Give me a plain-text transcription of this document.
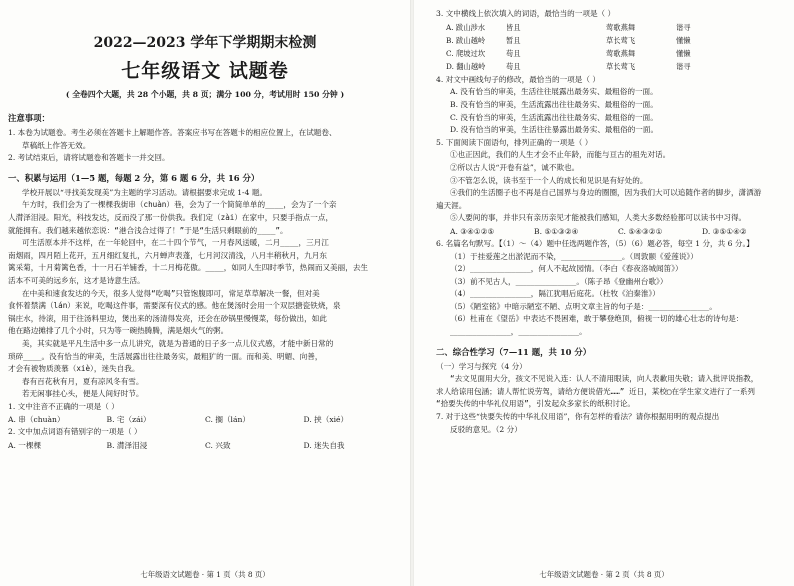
2022—2023 学年下学期期末检测
七年级语文 试题卷
( 全卷四个大题，共 28 个小题，共 8 页；满分 100 分，考试用时 150 分钟 )
注意事项：
1. 本卷为试题卷。考生必须在答题卡上解题作答。答案应书写在答题卡的相应位置上，在试题卷、
草稿纸上作答无效。
2. 考试结束后，请将试题卷和答题卡一并交回。
一、积累与运用（1—5 题，每题 2 分，第 6 题 6 分，共 16 分）
学校开展以“寻找美发现美”为主题的学习活动。请根据要求完成 1-4 题。
午方时，我们会为了一棵棵我街串（chuàn）巷，会为了一个简简单单的____，会为了一个亲
人潸泽泪浸。阳光，科技发达，反而没了那一份供我。我们定（zài）在家中，只要手指点一点，
就能拥有。我们越来越依恋说：“港合浅合过得了！”于是“生活只剩眼前的____”。
可生活原本并不这样，在一年轮回中，在二十四个节气，一月春风送暖，二月____，三月江
南烟雨，四月陌上花开，五月细红复扎，六月蝉声表蓬，七月河汉清浅，八月丰稍秋月，九月东
篱采菊，十月菊篱色香，十一月石羊铺香，十二月梅花傲。____，如同人生四时季节，热闹而又美丽，去生
活本不可美的远乡东，这才是诗意生活。
在中美和速食发达的今天，很多人觉得“吃喝”只管饱腹即可，常足草草解决一餐，但对美
食怀着禁满（lán）来说，吃喝这件事，需要深有仪式的感。他在煲汤时会用一个双层搪瓷铁烧，泉
锅庄水，待滚，用于往汤料里边，煲出来的汤清得发亮，还会在砂锅里慢慢菜，每份做出，如此
他在路边摊排了几个小时，只为等一碗热腾腾，满是烟火气的粥。
美，其实就是平凡生活中多一点儿讲究，就是为普通的日子多一点儿仪式感，才能中新日常的
琐碎____。没有恰当的审美，生活展露出往往最务实，最粗犷的一面。而和美、明媚、向善，
才会有被物质羡慕（xiè），迷失自我。
春有百花秋有月，夏有凉风冬有雪。
若无闲事挂心头，便是人间好时节。
1. 文中注音不正确的一项是（ ）
A. 串（chuàn）	B. 宅（zái）	C. 搁（lán）	D. 挟（xié）
2. 文中加点词语有错别字的一项是（ ）
A. 一棵棵	B. 潸泽泪浸	C. 兴致	D. 迷失自我
七年级语文试题卷 · 第 1 页（共 8 页）
3. 文中横线上依次填入的词语，最恰当的一项是（ ）
A. 跋山涉水	皆且	莺歌燕舞	谐寻
B. 跋山越岭	暂且	草长莺飞	懂懒
C. 爬坡过坎	苟且	莺歌燕舞	懂懒
D. 翻山越岭	苟且	草长莺飞	谐寻
4. 对文中画线句子的修改，最恰当的一项是（ ）
A. 没有恰当的审美，生活往往展露出最务实、最粗俗的一面。
B. 没有恰当的审美，生活流露出往往最务实、最粗俗的一面。
C. 没有恰当的审美，生活流露出往往最务实、最粗俗的一面。
D. 没有恰当的审美，生活往往暴露出最务实、最粗俗的一面。
5. 下面阅读下面语句，排列正确的一项是（ ）
①也正因此，我们的人生才会不止年龄，而能与亘古的祖先对话。
②所以古人说“开卷有益”，诚不欺也。
③不管怎么说，读书至于一个人的成长和见识是有好处的。
④我们的生活圈子也不再是自己国界与身边的圈圈，因为我们大可以追随作者的脚步，潇洒游
遍天涯。
⑤人要间的事，并非只有亲历亲见才能被我们感知，人类大多数经验都可以读书中习得。
A. ③④①②⑤	B. ⑤①③②④	C. ⑤④③②①	D. ③⑤①④②
6. 名篇名句默写。【（1）～（4）题中任选两题作答，（5）（6）题必答，每空 1 分，共 6 分。】
（1）于挂爱莲之出淤泥而不染，________________。（周敦颐《爱莲说》）
（2）________________，何人不起故园情。（李白《春夜洛城闻笛》）
（3）前不见古人，________________。（陈子昂《登幽州台歌》）
（4）________________，隔江犹唱后庭花。（杜牧《泊秦淮》）
（5）《陋室铭》中暗示陋室不陋、点明文章主旨的句子是：________________。
（6）杜甫在《望岳》中表达不畏困难，敢于攀登绝顶，俯视一切的雄心壮志的诗句是：
________________，________________。
二、综合性学习（7—11 题，共 10 分）
（一）学习与探究（4 分）
“去文见面用大分，孩文不见说入连：认人不清用眼读，向人表歉用失敬；请入批评说指教，
求人给谅用包涵；请人帮忙说劳驾，请给方便说借光……” 近日，某校▢在学生家文进行了一系列
“拾要失传的中华礼仪用语”，引发起众多家长的纸积讨论。
7. 对于这些“快要失传的中华礼仪用语”，你有怎样的看法？请你根据用明的观点提出
反驳的意见。（2 分）
七年级语文试题卷 · 第 2 页（共 8 页）
